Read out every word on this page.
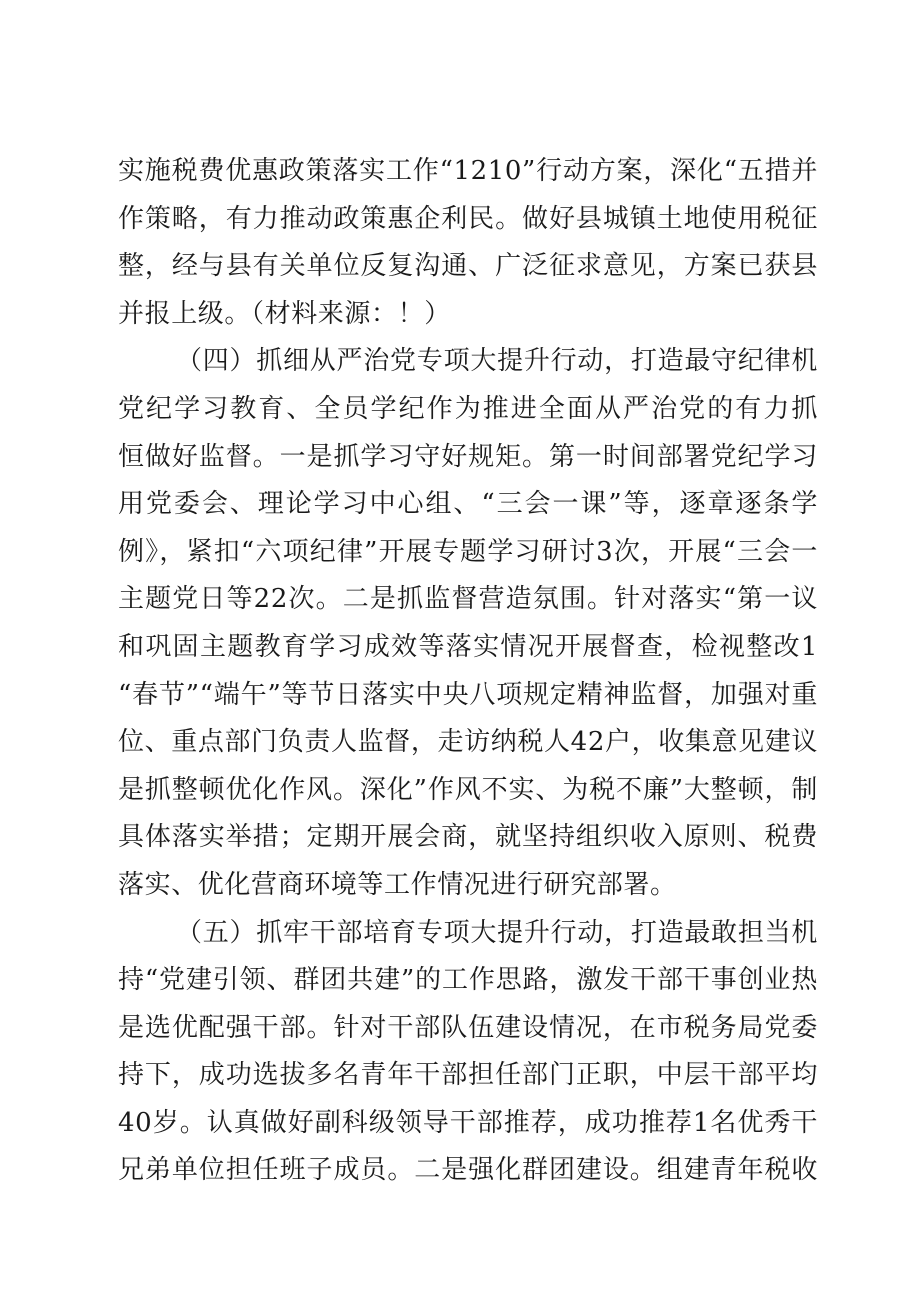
实施税费优惠政策落实工作“1210”行动方案，深化“五措并
作策略，有力推动政策惠企利民。做好县城镇土地使用税征
整，经与县有关单位反复沟通、广泛征求意见，方案已获县
并报上级。（材料来源：！）
（四）抓细从严治党专项大提升行动，打造最守纪律机
党纪学习教育、全员学纪作为推进全面从严治党的有力抓
恒做好监督。一是抓学习守好规矩。第一时间部署党纪学习
用党委会、理论学习中心组、“三会一课”等，逐章逐条学
例》，紧扣“六项纪律”开展专题学习研讨3次，开展“三会一
主题党日等22次。二是抓监督营造氛围。针对落实“第一议
和巩固主题教育学习成效等落实情况开展督查，检视整改1
“春节”“端午”等节日落实中央八项规定精神监督，加强对重
位、重点部门负责人监督，走访纳税人42户，收集意见建议
是抓整顿优化作风。深化”作风不实、为税不廉”大整顿，制
具体落实举措；定期开展会商，就坚持组织收入原则、税费
落实、优化营商环境等工作情况进行研究部署。
（五）抓牢干部培育专项大提升行动，打造最敢担当机
持“党建引领、群团共建”的工作思路，激发干部干事创业热
是选优配强干部。针对干部队伍建设情况，在市税务局党委
持下，成功选拔多名青年干部担任部门正职，中层干部平均
40岁。认真做好副科级领导干部推荐，成功推荐1名优秀干
兄弟单位担任班子成员。二是强化群团建设。组建青年税收
